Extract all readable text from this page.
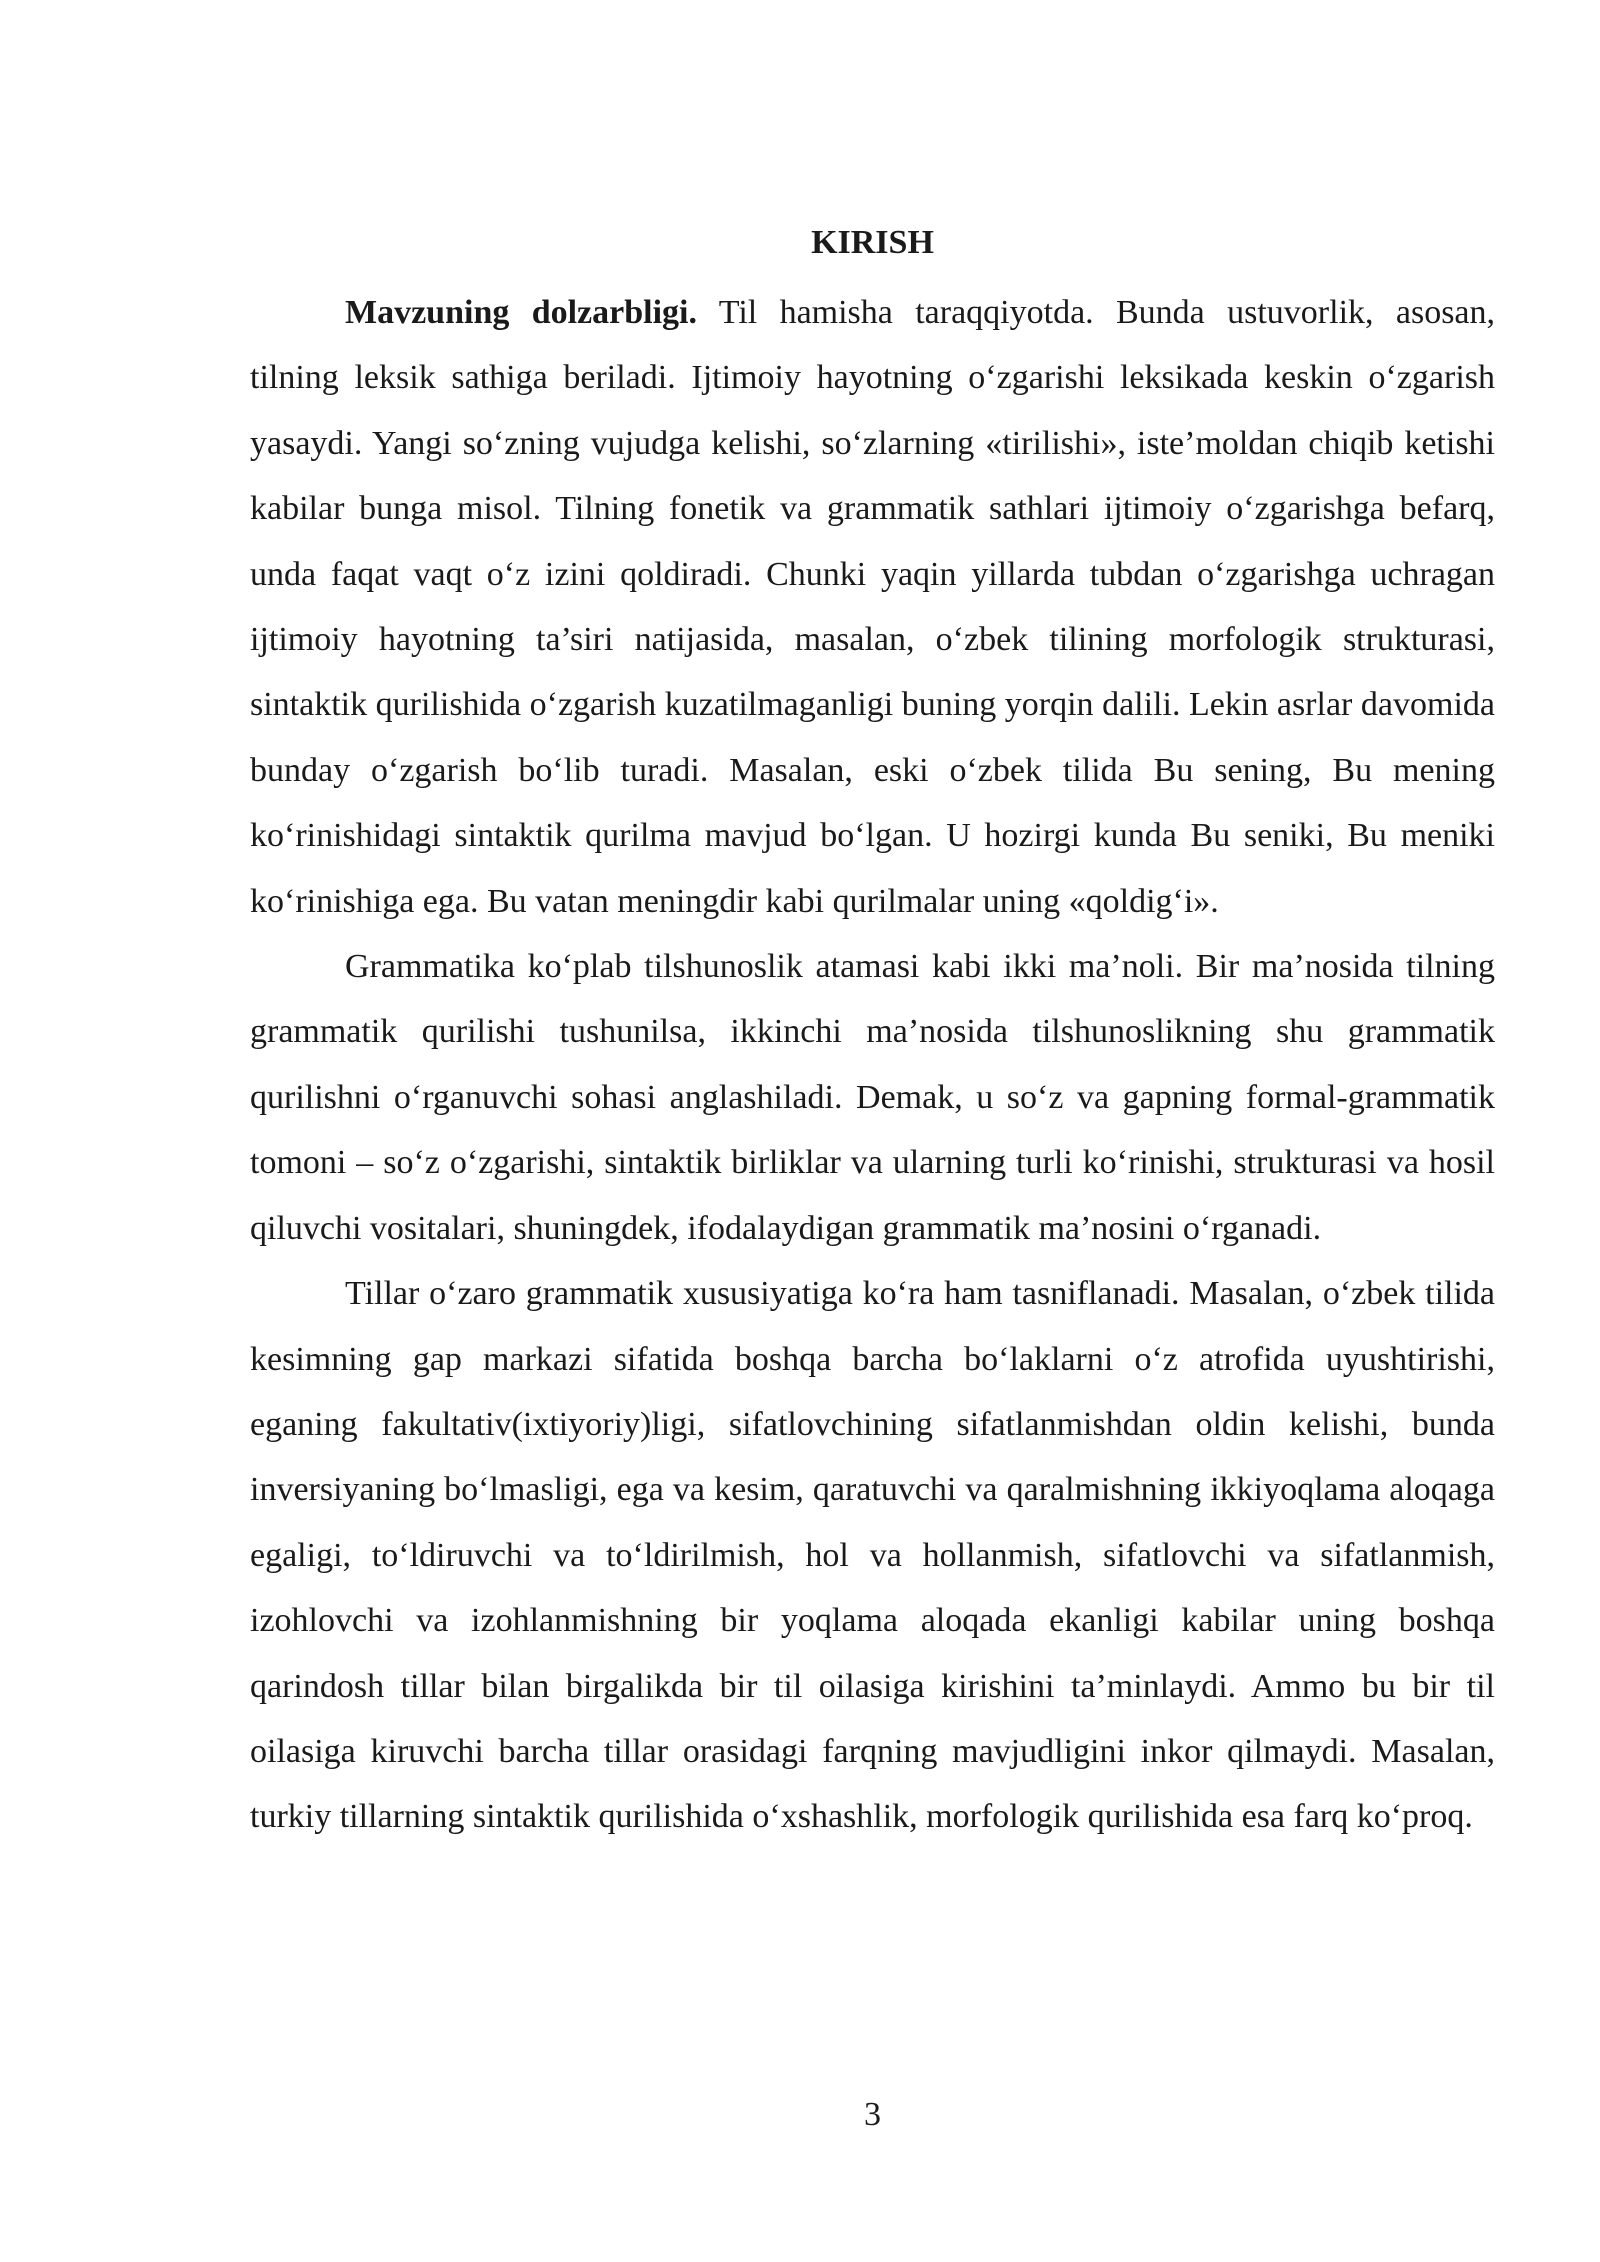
KIRISH

Mavzuning dolzarbligi. Til hamisha taraqqiyotda. Bunda ustuvorlik, asosan, tilning leksik sathiga beriladi. Ijtimoiy hayotning o‘zgarishi leksikada keskin o‘zgarish yasaydi. Yangi so‘zning vujudga kelishi, so‘zlarning «tirilishi», iste’moldan chiqib ketishi kabilar bunga misol. Tilning fonetik va grammatik sathlari ijtimoiy o‘zgarishga befarq, unda faqat vaqt o‘z izini qoldiradi. Chunki yaqin yillarda tubdan o‘zgarishga uchragan ijtimoiy hayotning ta’siri natijasida, masalan, o‘zbek tilining morfologik strukturasi, sintaktik qurilishida o‘zgarish kuzatilmaganligi buning yorqin dalili. Lekin asrlar davomida bunday o‘zgarish bo‘lib turadi. Masalan, eski o‘zbek tilida Bu sening, Bu mening ko‘rinishidagi sintaktik qurilma mavjud bo‘lgan. U hozirgi kunda Bu seniki, Bu meniki ko‘rinishiga ega. Bu vatan meningdir kabi qurilmalar uning «qoldig‘i».

Grammatika ko‘plab tilshunoslik atamasi kabi ikki ma’noli. Bir ma’nosida tilning grammatik qurilishi tushunilsa, ikkinchi ma’nosida tilshunoslikning shu grammatik qurilishni o‘rganuvchi sohasi anglashiladi. Demak, u so‘z va gapning formal-grammatik tomoni – so‘z o‘zgarishi, sintaktik birliklar va ularning turli ko‘rinishi, strukturasi va hosil qiluvchi vositalari, shuningdek, ifodalaydigan grammatik ma’nosini o‘rganadi.

Tillar o‘zaro grammatik xususiyatiga ko‘ra ham tasniflanadi. Masalan, o‘zbek tilida kesimning gap markazi sifatida boshqa barcha bo‘laklarni o‘z atrofida uyushtirishi, eganing fakultativ(ixtiyoriy)ligi, sifatlovchining sifatlanmishdan oldin kelishi, bunda inversiyaning bo‘lmasligi, ega va kesim, qaratuvchi va qaralmishning ikkiyoqlama aloqaga egaligi, to‘ldiruvchi va to‘ldirilmish, hol va hollanmish, sifatlovchi va sifatlanmish, izohlovchi va izohlanmishning bir yoqlama aloqada ekanligi kabilar uning boshqa qarindosh tillar bilan birgalikda bir til oilasiga kirishini ta’minlaydi. Ammo bu bir til oilasiga kiruvchi barcha tillar orasidagi farqning mavjudligini inkor qilmaydi. Masalan, turkiy tillarning sintaktik qurilishida o‘xshashlik, morfologik qurilishida esa farq ko‘proq.

3
